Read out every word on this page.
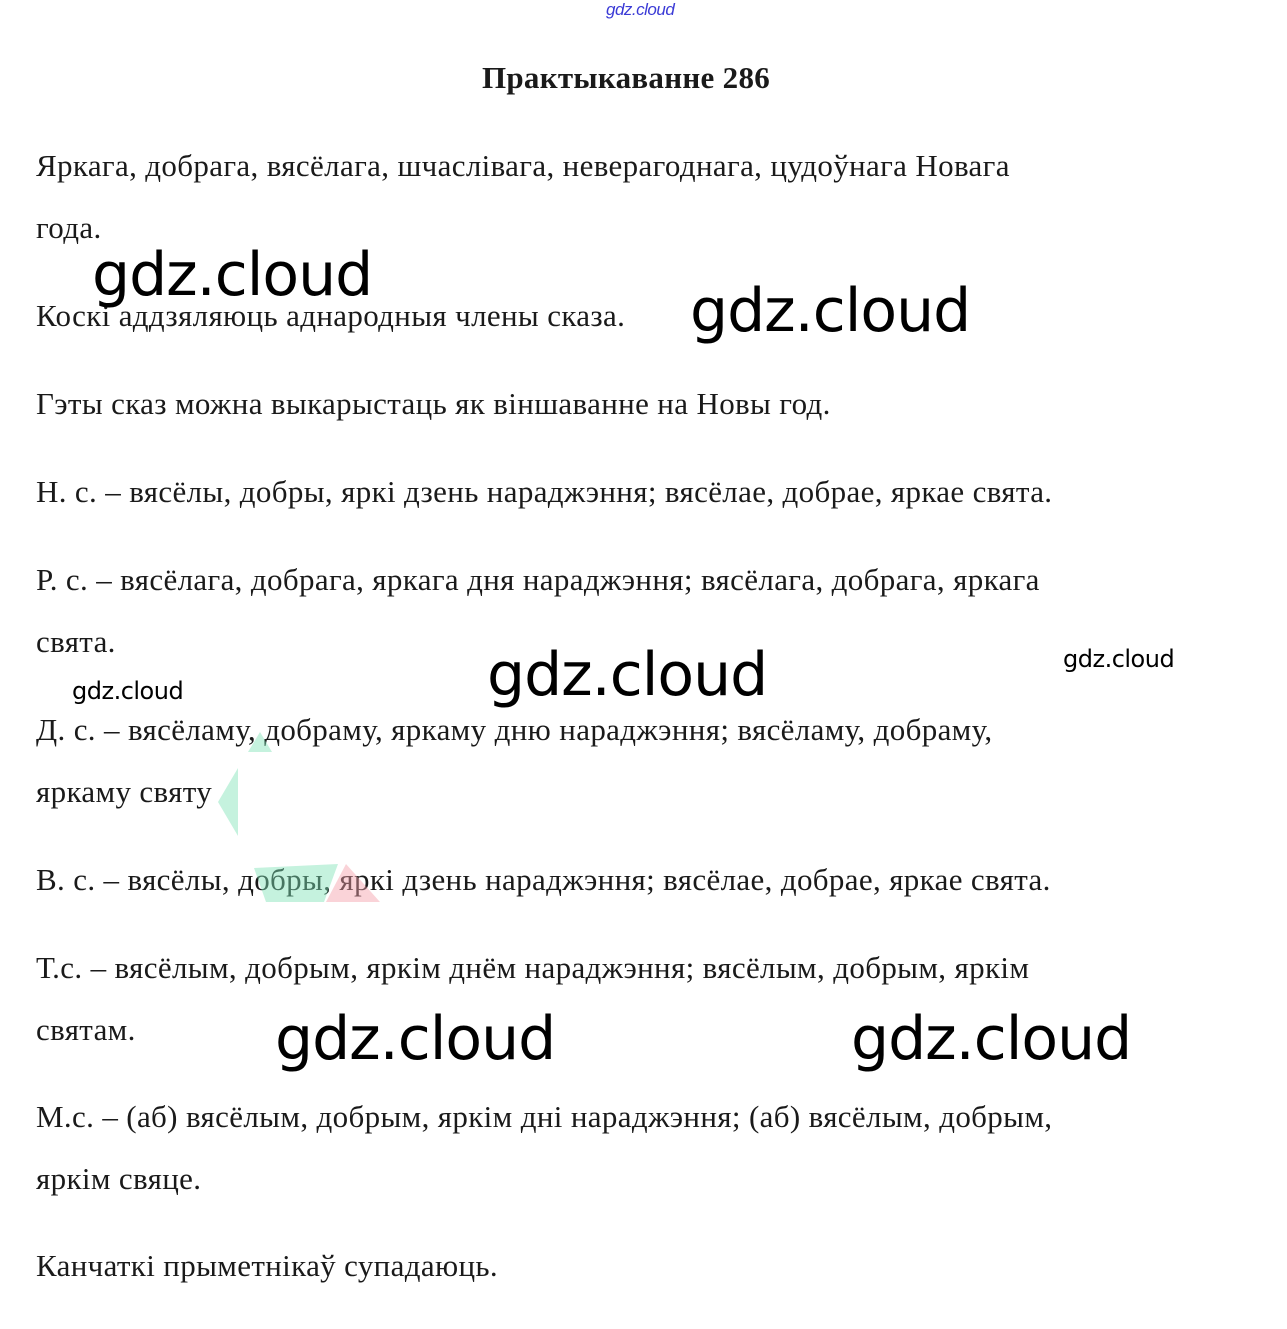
gdz.cloud
Практыкаванне 286
Яркага, добрага, вясёлага, шчаслівага, неверагоднага, цудоўнага Новага
года.
Коскі аддзяляюць аднародныя члены сказа.
Гэты сказ можна выкарыстаць як віншаванне на Новы год.
Н. с. – вясёлы, добры, яркі дзень нараджэння; вясёлае, добрае, яркае свята.
Р. с. – вясёлага, добрага, яркага дня нараджэння; вясёлага, добрага, яркага
свята.
Д. с. – вясёламу, добраму, яркаму дню нараджэння; вясёламу, добраму,
яркаму святу
В. с. – вясёлы, добры, яркі дзень нараджэння; вясёлае, добрае, яркае свята.
Т.с. – вясёлым, добрым, яркім днём нараджэння; вясёлым, добрым, яркім
святам.
М.с. – (аб) вясёлым, добрым, яркім дні нараджэння; (аб) вясёлым, добрым,
яркім свяце.
Канчаткі прыметнікаў супадаюць.
gdz.cloud
gdz.cloud
gdz.cloud	gdz.cloud
gdz.cloud
gdz.cloud	gdz.cloud
